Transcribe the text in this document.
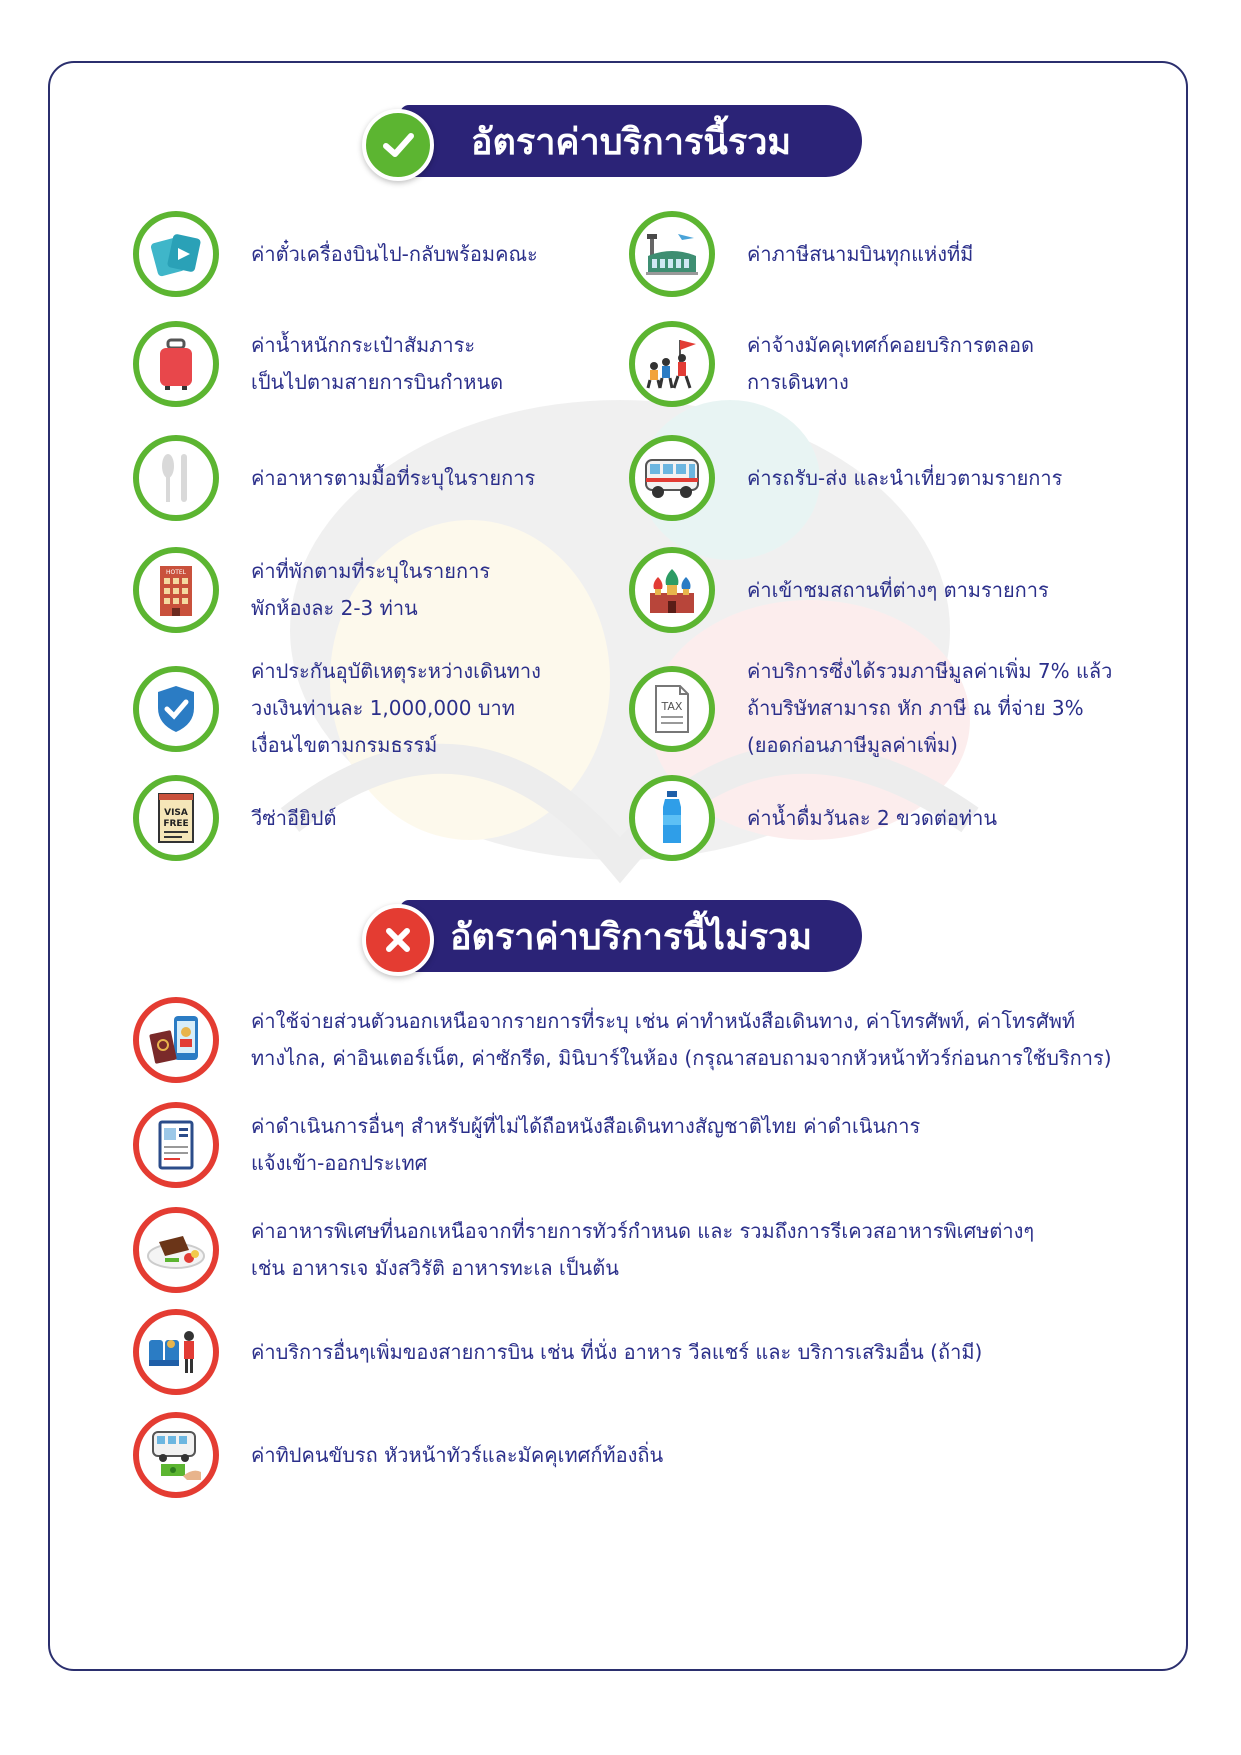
อัตราค่าบริการนี้รวม
ค่าตั๋วเครื่องบินไป-กลับพร้อมคณะ
ค่าน้ำหนักกระเป๋าสัมภาระ
เป็นไปตามสายการบินกำหนด
ค่าอาหารตามมื้อที่ระบุในรายการ
HOTEL	ค่าที่พักตามที่ระบุในรายการ
พักห้องละ 2-3 ท่าน
ค่าประกันอุบัติเหตุระหว่างเดินทาง
วงเงินท่านละ 1,000,000 บาท
เงื่อนไขตามกรมธรรม์
VISA
FREE	วีซ่าอียิปต์
ค่าภาษีสนามบินทุกแห่งที่มี
ค่าจ้างมัคคุเทศก์คอยบริการตลอด
การเดินทาง
ค่ารถรับ-ส่ง และนำเที่ยวตามรายการ
ค่าเข้าชมสถานที่ต่างๆ ตามรายการ
TAX
ค่าบริการซึ่งได้รวมภาษีมูลค่าเพิ่ม 7% แล้ว
ถ้าบริษัทสามารถ หัก ภาษี ณ ที่จ่าย 3%
(ยอดก่อนภาษีมูลค่าเพิ่ม)
ค่าน้ำดื่มวันละ 2 ขวดต่อท่าน
อัตราค่าบริการนี้ไม่รวม
ค่าใช้จ่ายส่วนตัวนอกเหนือจากรายการที่ระบุ เช่น ค่าทำหนังสือเดินทาง, ค่าโทรศัพท์, ค่าโทรศัพท์
ทางไกล, ค่าอินเตอร์เน็ต, ค่าซักรีด, มินิบาร์ในห้อง (กรุณาสอบถามจากหัวหน้าทัวร์ก่อนการใช้บริการ)
ค่าดำเนินการอื่นๆ สำหรับผู้ที่ไม่ได้ถือหนังสือเดินทางสัญชาติไทย ค่าดำเนินการ
แจ้งเข้า-ออกประเทศ
ค่าอาหารพิเศษที่นอกเหนือจากที่รายการทัวร์กำหนด และ รวมถึงการรีเควสอาหารพิเศษต่างๆ
เช่น อาหารเจ มังสวิรัติ อาหารทะเล เป็นต้น
ค่าบริการอื่นๆเพิ่มของสายการบิน เช่น ที่นั่ง อาหาร วีลแชร์ และ บริการเสริมอื่น (ถ้ามี)
ค่าทิปคนขับรถ หัวหน้าทัวร์และมัคคุเทศก์ท้องถิ่น
